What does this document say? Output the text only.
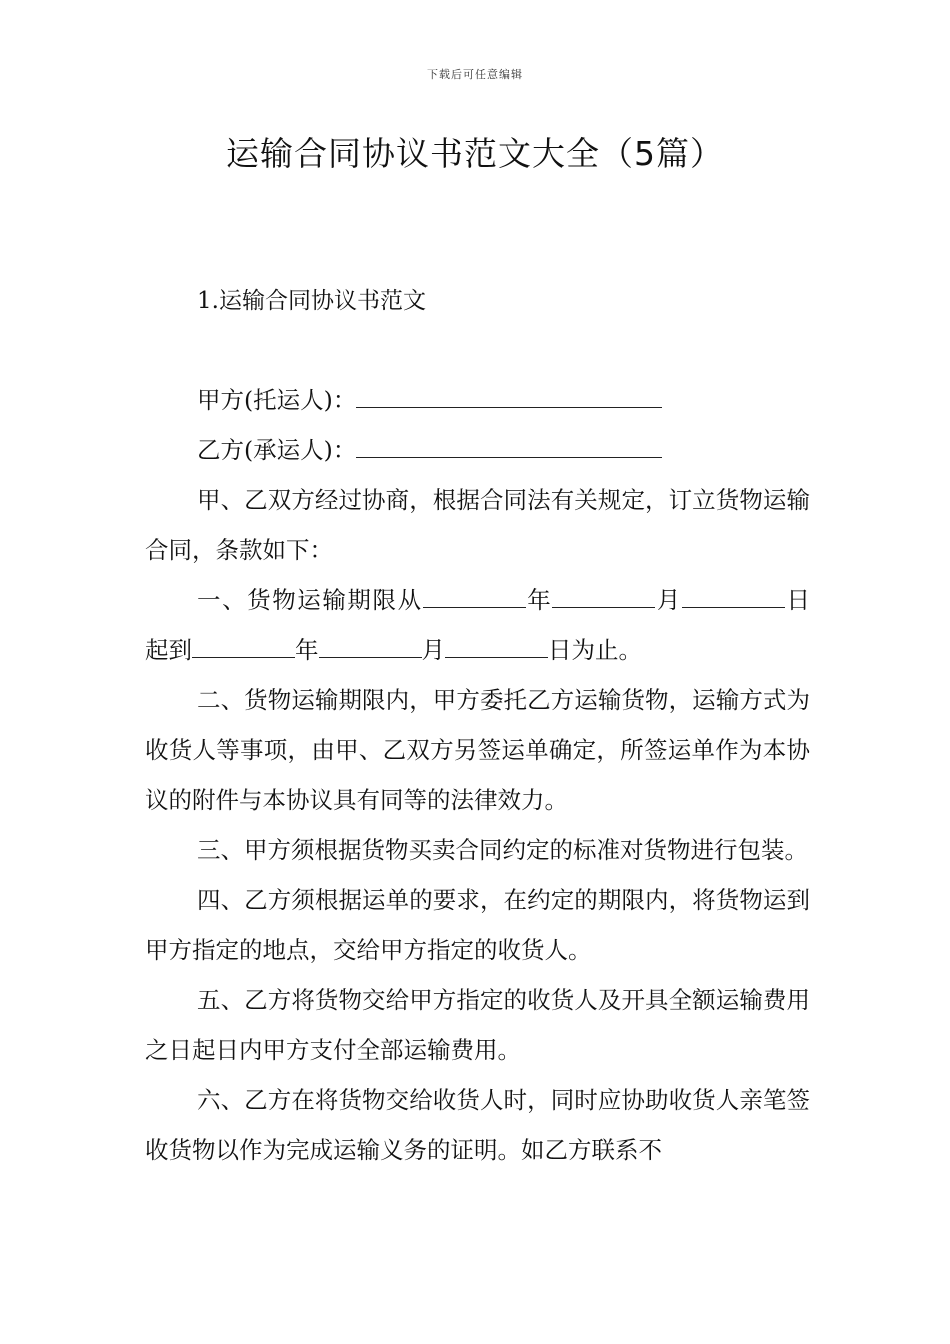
下载后可任意编辑
运输合同协议书范文大全（5篇）
1.运输合同协议书范文

甲方(托运人)：

乙方(承运人)：

甲、乙双方经过协商，根据合同法有关规定，订立货物运输合同，条款如下：

一、货物运输期限从	年	月	日起到	年	月	日为止。

二、货物运输期限内，甲方委托乙方运输货物，运输方式为收货人等事项，由甲、乙双方另签运单确定，所签运单作为本协议的附件与本协议具有同等的法律效力。

三、甲方须根据货物买卖合同约定的标准对货物进行包装。

四、乙方须根据运单的要求，在约定的期限内，将货物运到甲方指定的地点，交给甲方指定的收货人。

五、乙方将货物交给甲方指定的收货人及开具全额运输费用之日起日内甲方支付全部运输费用。

六、乙方在将货物交给收货人时，同时应协助收货人亲笔签收货物以作为完成运输义务的证明。如乙方联系不
